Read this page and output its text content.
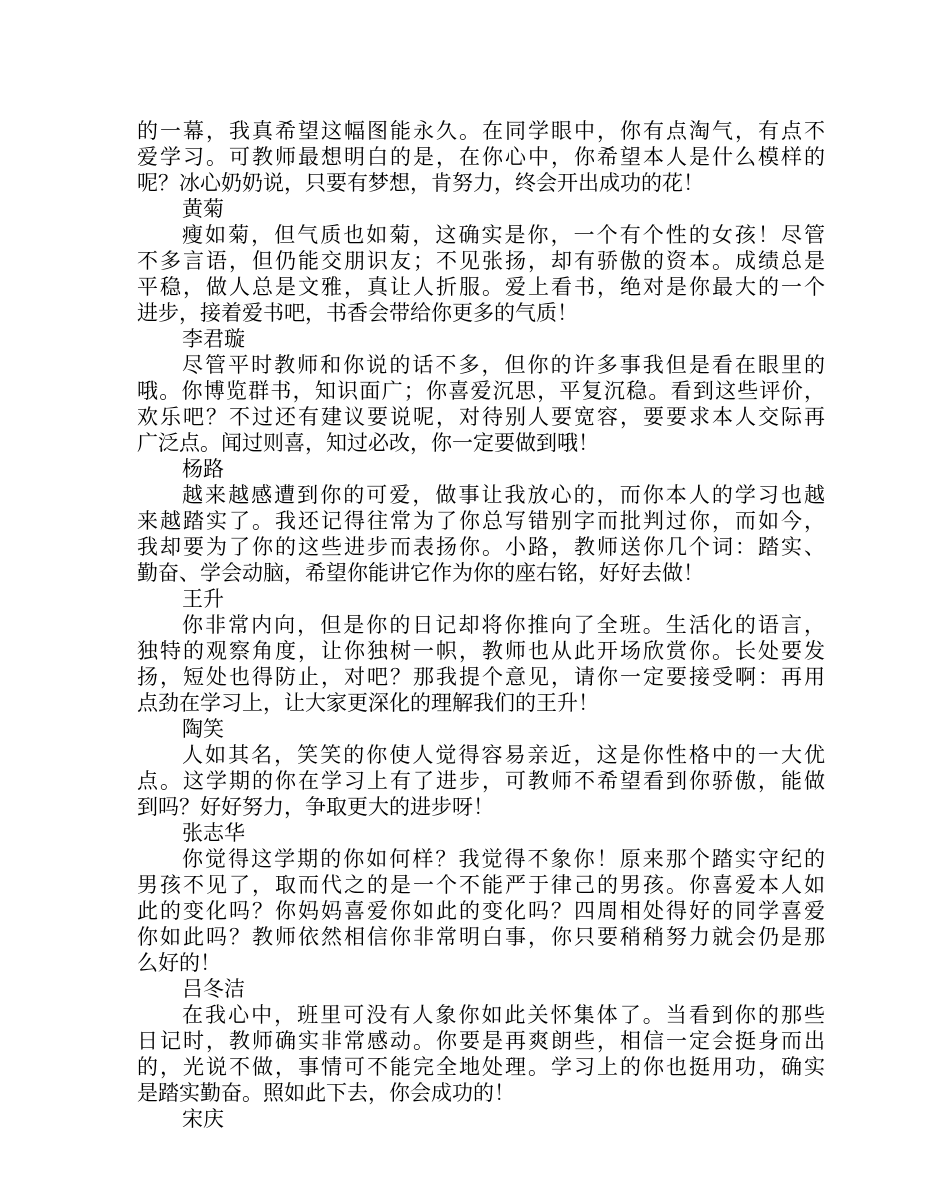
的一幕，我真希望这幅图能永久。在同学眼中，你有点淘气，有点不
爱学习。可教师最想明白的是，在你心中，你希望本人是什么模样的
呢？冰心奶奶说，只要有梦想，肯努力，终会开出成功的花！
黄菊
瘦如菊，但气质也如菊，这确实是你，一个有个性的女孩！尽管
不多言语，但仍能交朋识友；不见张扬，却有骄傲的资本。成绩总是
平稳，做人总是文雅，真让人折服。爱上看书，绝对是你最大的一个
进步，接着爱书吧，书香会带给你更多的气质！
李君璇
尽管平时教师和你说的话不多，但你的许多事我但是看在眼里的
哦。你博览群书，知识面广；你喜爱沉思，平复沉稳。看到这些评价，
欢乐吧？不过还有建议要说呢，对待别人要宽容，要要求本人交际再
广泛点。闻过则喜，知过必改，你一定要做到哦！
杨路
越来越感遭到你的可爱，做事让我放心的，而你本人的学习也越
来越踏实了。我还记得往常为了你总写错别字而批判过你，而如今，
我却要为了你的这些进步而表扬你。小路，教师送你几个词：踏实、
勤奋、学会动脑，希望你能讲它作为你的座右铭，好好去做！
王升
你非常内向，但是你的日记却将你推向了全班。生活化的语言，
独特的观察角度，让你独树一帜，教师也从此开场欣赏你。长处要发
扬，短处也得防止，对吧？那我提个意见，请你一定要接受啊：再用
点劲在学习上，让大家更深化的理解我们的王升！
陶笑
人如其名，笑笑的你使人觉得容易亲近，这是你性格中的一大优
点。这学期的你在学习上有了进步，可教师不希望看到你骄傲，能做
到吗？好好努力，争取更大的进步呀！
张志华
你觉得这学期的你如何样？我觉得不象你！原来那个踏实守纪的
男孩不见了，取而代之的是一个不能严于律己的男孩。你喜爱本人如
此的变化吗？你妈妈喜爱你如此的变化吗？四周相处得好的同学喜爱
你如此吗？教师依然相信你非常明白事，你只要稍稍努力就会仍是那
么好的！
吕冬洁
在我心中，班里可没有人象你如此关怀集体了。当看到你的那些
日记时，教师确实非常感动。你要是再爽朗些，相信一定会挺身而出
的，光说不做，事情可不能完全地处理。学习上的你也挺用功，确实
是踏实勤奋。照如此下去，你会成功的！
宋庆
